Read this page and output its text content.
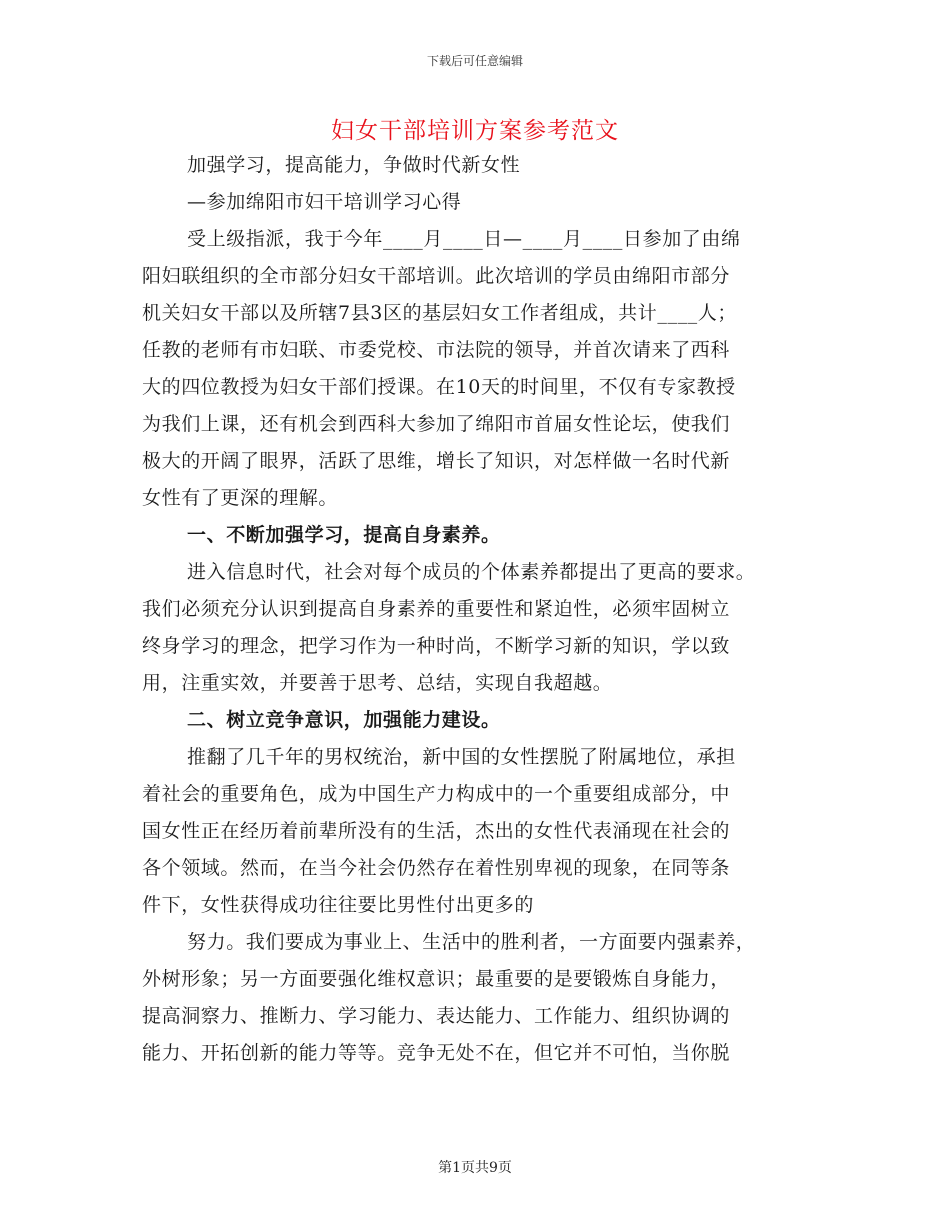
下载后可任意编辑
妇女干部培训方案参考范文
加强学习，提高能力，争做时代新女性
—参加绵阳市妇干培训学习心得
受上级指派，我于今年____月____日—____月____日参加了由绵
阳妇联组织的全市部分妇女干部培训。此次培训的学员由绵阳市部分
机关妇女干部以及所辖7县3区的基层妇女工作者组成，共计____人；
任教的老师有市妇联、市委党校、市法院的领导，并首次请来了西科
大的四位教授为妇女干部们授课。在10天的时间里，不仅有专家教授
为我们上课，还有机会到西科大参加了绵阳市首届女性论坛，使我们
极大的开阔了眼界，活跃了思维，增长了知识，对怎样做一名时代新
女性有了更深的理解。
一、不断加强学习，提高自身素养。
进入信息时代，社会对每个成员的个体素养都提出了更高的要求。
我们必须充分认识到提高自身素养的重要性和紧迫性，必须牢固树立
终身学习的理念，把学习作为一种时尚，不断学习新的知识，学以致
用，注重实效，并要善于思考、总结，实现自我超越。
二、树立竞争意识，加强能力建设。
推翻了几千年的男权统治，新中国的女性摆脱了附属地位，承担
着社会的重要角色，成为中国生产力构成中的一个重要组成部分，中
国女性正在经历着前辈所没有的生活，杰出的女性代表涌现在社会的
各个领域。然而，在当今社会仍然存在着性别卑视的现象，在同等条
件下，女性获得成功往往要比男性付出更多的
努力。我们要成为事业上、生活中的胜利者，一方面要内强素养，
外树形象；另一方面要强化维权意识；最重要的是要锻炼自身能力，
提高洞察力、推断力、学习能力、表达能力、工作能力、组织协调的
能力、开拓创新的能力等等。竞争无处不在，但它并不可怕，当你脱
第1页共9页
